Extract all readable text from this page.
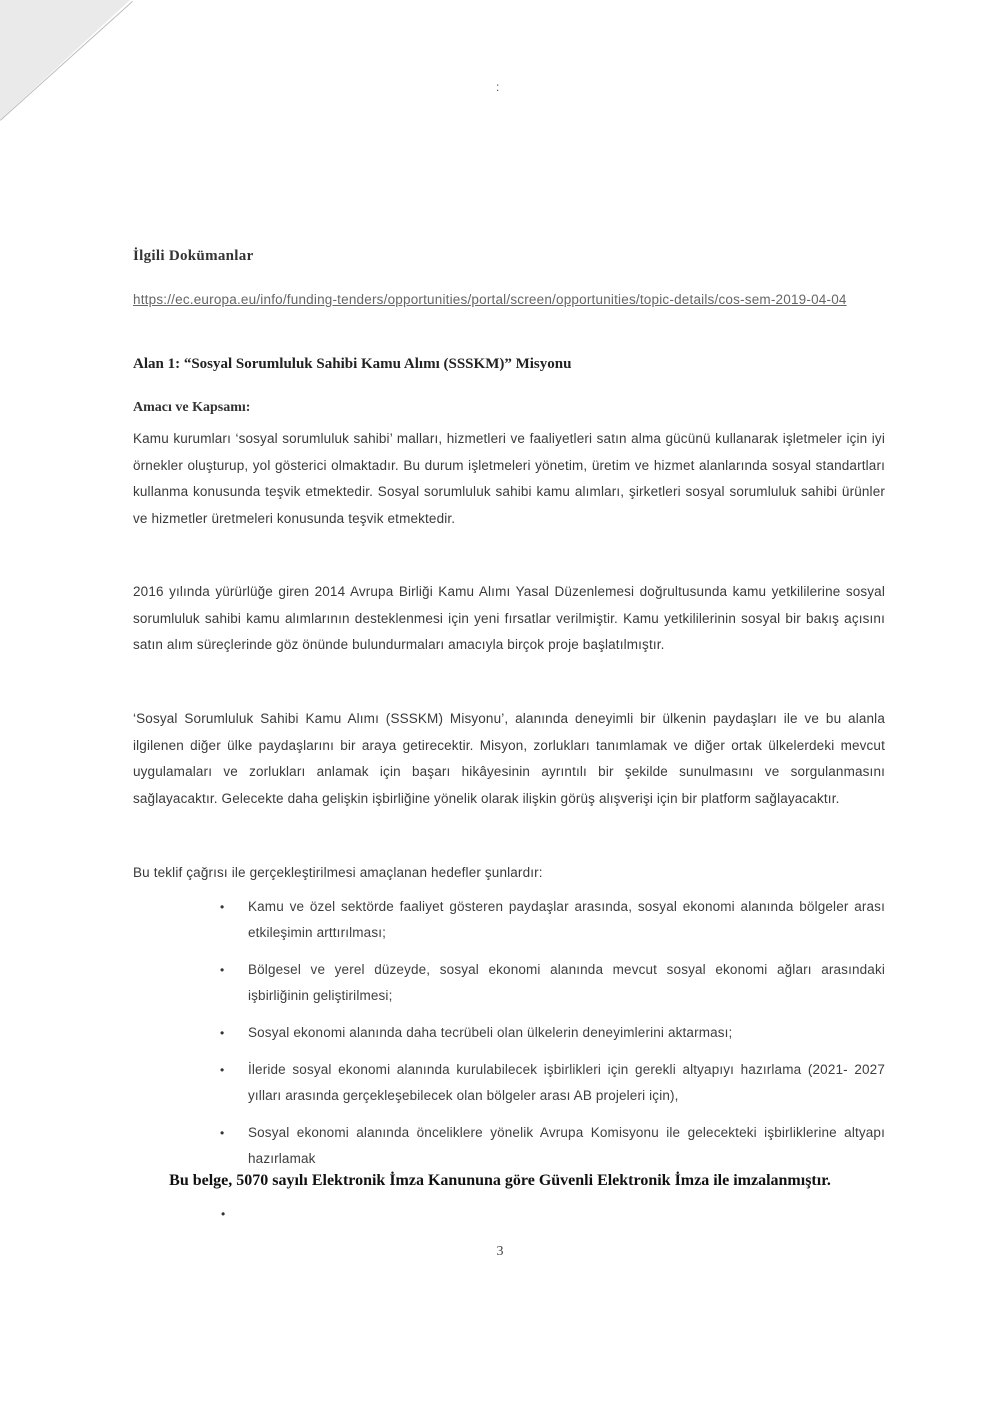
:
İlgili Dokümanlar
https://ec.europa.eu/info/funding-tenders/opportunities/portal/screen/opportunities/topic-details/cos-sem-2019-04-04
Alan 1: “Sosyal Sorumluluk Sahibi Kamu Alımı (SSSKM)” Misyonu
Amacı ve Kapsamı:

Kamu kurumları ‘sosyal sorumluluk sahibi’ malları, hizmetleri ve faaliyetleri satın alma gücünü kullanarak işletmeler için iyi örnekler oluşturup, yol gösterici olmaktadır. Bu durum işletmeleri yönetim, üretim ve hizmet alanlarında sosyal standartları kullanma konusunda teşvik etmektedir. Sosyal sorumluluk sahibi kamu alımları, şirketleri sosyal sorumluluk sahibi ürünler ve hizmetler üretmeleri konusunda teşvik etmektedir.

2016 yılında yürürlüğe giren 2014 Avrupa Birliği Kamu Alımı Yasal Düzenlemesi doğrultusunda kamu yetkililerine sosyal sorumluluk sahibi kamu alımlarının desteklenmesi için yeni fırsatlar verilmiştir. Kamu yetkililerinin sosyal bir bakış açısını satın alım süreçlerinde göz önünde bulundurmaları amacıyla birçok proje başlatılmıştır.

‘Sosyal Sorumluluk Sahibi Kamu Alımı (SSSKM) Misyonu’, alanında deneyimli bir ülkenin paydaşları ile ve bu alanla ilgilenen diğer ülke paydaşlarını bir araya getirecektir. Misyon, zorlukları tanımlamak ve diğer ortak ülkelerdeki mevcut uygulamaları ve zorlukları anlamak için başarı hikâyesinin ayrıntılı bir şekilde sunulmasını ve sorgulanmasını sağlayacaktır. Gelecekte daha gelişkin işbirliğine yönelik olarak ilişkin görüş alışverişi için bir platform sağlayacaktır.

Bu teklif çağrısı ile gerçekleştirilmesi amaçlanan hedefler şunlardır:

• Kamu ve özel sektörde faaliyet gösteren paydaşlar arasında, sosyal ekonomi alanında bölgeler arası etkileşimin arttırılması;
• Bölgesel ve yerel düzeyde, sosyal ekonomi alanında mevcut sosyal ekonomi ağları arasındaki işbirliğinin geliştirilmesi;
• Sosyal ekonomi alanında daha tecrübeli olan ülkelerin deneyimlerini aktarması;
• İleride sosyal ekonomi alanında kurulabilecek işbirlikleri için gerekli altyapıyı hazırlama (2021- 2027 yılları arasında gerçekleşebilecek olan bölgeler arası AB projeleri için),
• Sosyal ekonomi alanında önceliklere yönelik Avrupa Komisyonu ile gelecekteki işbirliklerine altyapı hazırlamak
Bu belge, 5070 sayılı Elektronik İmza Kanununa göre Güvenli Elektronik İmza ile imzalanmıştır.
•
3
